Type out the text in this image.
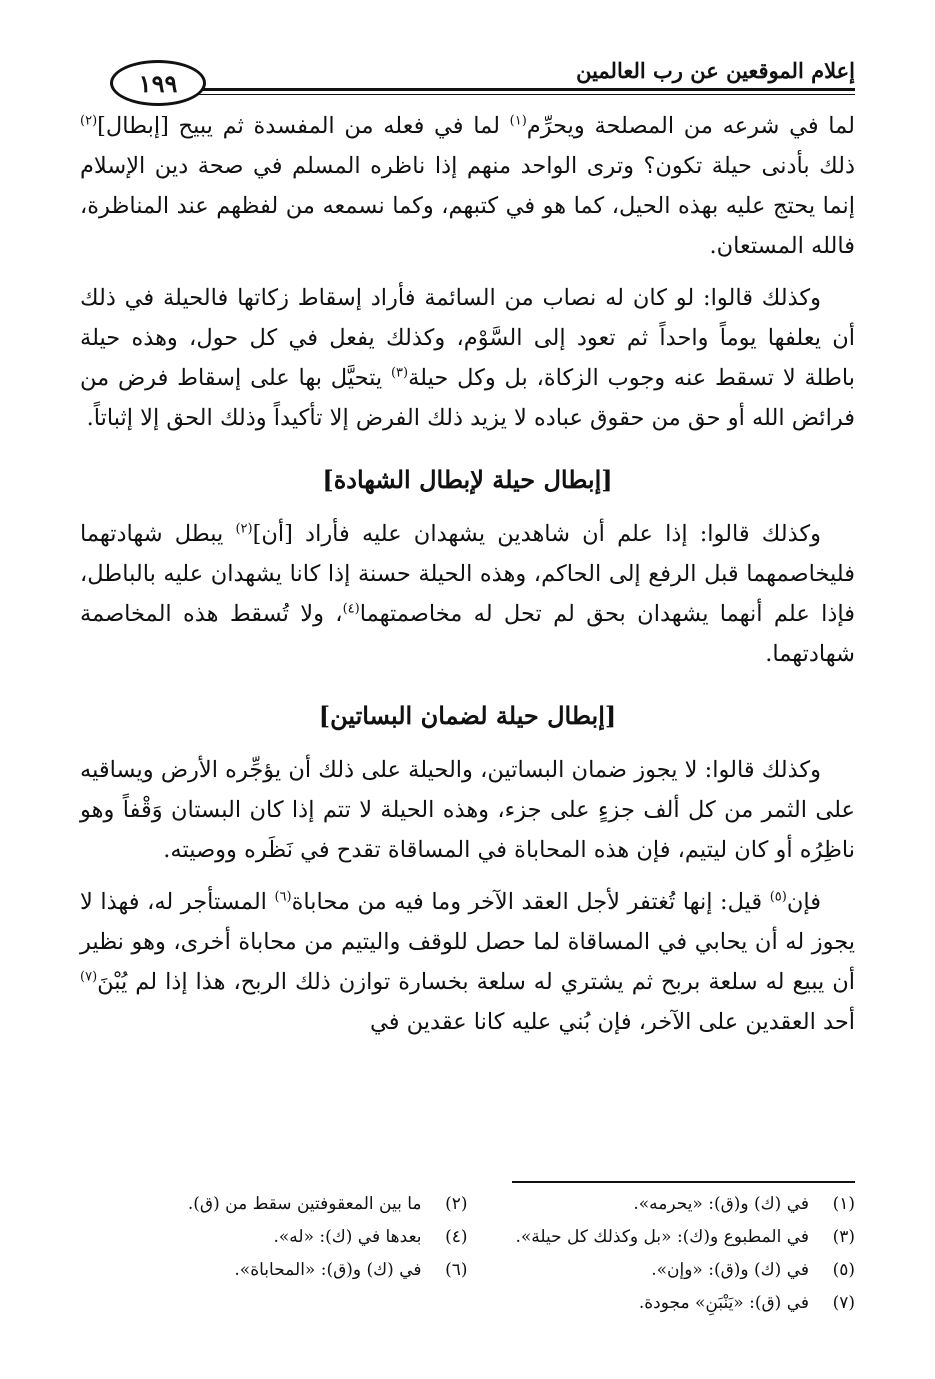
إعلام الموقعين عن رب العالمين
١٩٩

لما في شرعه من المصلحة ويحرِّم$^{(١)}$ لما في فعله من المفسدة ثم يبيح [إبطال]$^{(٢)}$ ذلك بأدنى حيلة تكون؟ وترى الواحد منهم إذا ناظره المسلم في صحة دين الإسلام إنما يحتج عليه بهذه الحيل، كما هو في كتبهم، وكما نسمعه من لفظهم عند المناظرة، فالله المستعان.

وكذلك قالوا: لو كان له نصاب من السائمة فأراد إسقاط زكاتها فالحيلة في ذلك أن يعلفها يوماً واحداً ثم تعود إلى السَّوْم، وكذلك يفعل في كل حول، وهذه حيلة باطلة لا تسقط عنه وجوب الزكاة، بل وكل حيلة$^{(٣)}$ يتحيَّل بها على إسقاط فرض من فرائض الله أو حق من حقوق عباده لا يزيد ذلك الفرض إلا تأكيداً وذلك الحق إلا إثباتاً.

[إبطال حيلة لإبطال الشهادة]

وكذلك قالوا: إذا علم أن شاهدين يشهدان عليه فأراد [أن]$^{(٢)}$ يبطل شهادتهما فليخاصمهما قبل الرفع إلى الحاكم، وهذه الحيلة حسنة إذا كانا يشهدان عليه بالباطل، فإذا علم أنهما يشهدان بحق لم تحل له مخاصمتهما$^{(٤)}$، ولا تُسقط هذه المخاصمة شهادتهما.

[إبطال حيلة لضمان البساتين]

وكذلك قالوا: لا يجوز ضمان البساتين، والحيلة على ذلك أن يؤجِّره الأرض ويساقيه على الثمر من كل ألف جزءٍ على جزء، وهذه الحيلة لا تتم إذا كان البستان وَقْفاً وهو ناظِرُه أو كان ليتيم، فإن هذه المحاباة في المساقاة تقدح في نَظَره ووصيته.

فإن$^{(٥)}$ قيل: إنها تُغتفر لأجل العقد الآخر وما فيه من محاباة$^{(٦)}$ المستأجر له، فهذا لا يجوز له أن يحابي في المساقاة لما حصل للوقف واليتيم من محاباة أخرى، وهو نظير أن يبيع له سلعة بربح ثم يشتري له سلعة بخسارة توازن ذلك الربح، هذا إذا لم يُبْنَ$^{(٧)}$ أحد العقدين على الآخر، فإن بُني عليه كانا عقدين في

(١)في (ك) و(ق): «يحرمه».
(٢)ما بين المعقوفتين سقط من (ق).
(٣)في المطبوع و(ك): «بل وكذلك كل حيلة».
(٤)بعدها في (ك): «له».
(٥)في (ك) و(ق): «وإن».
(٦)في (ك) و(ق): «المحاباة».
(٧)في (ق): «يَنْبَنِ» مجودة.
